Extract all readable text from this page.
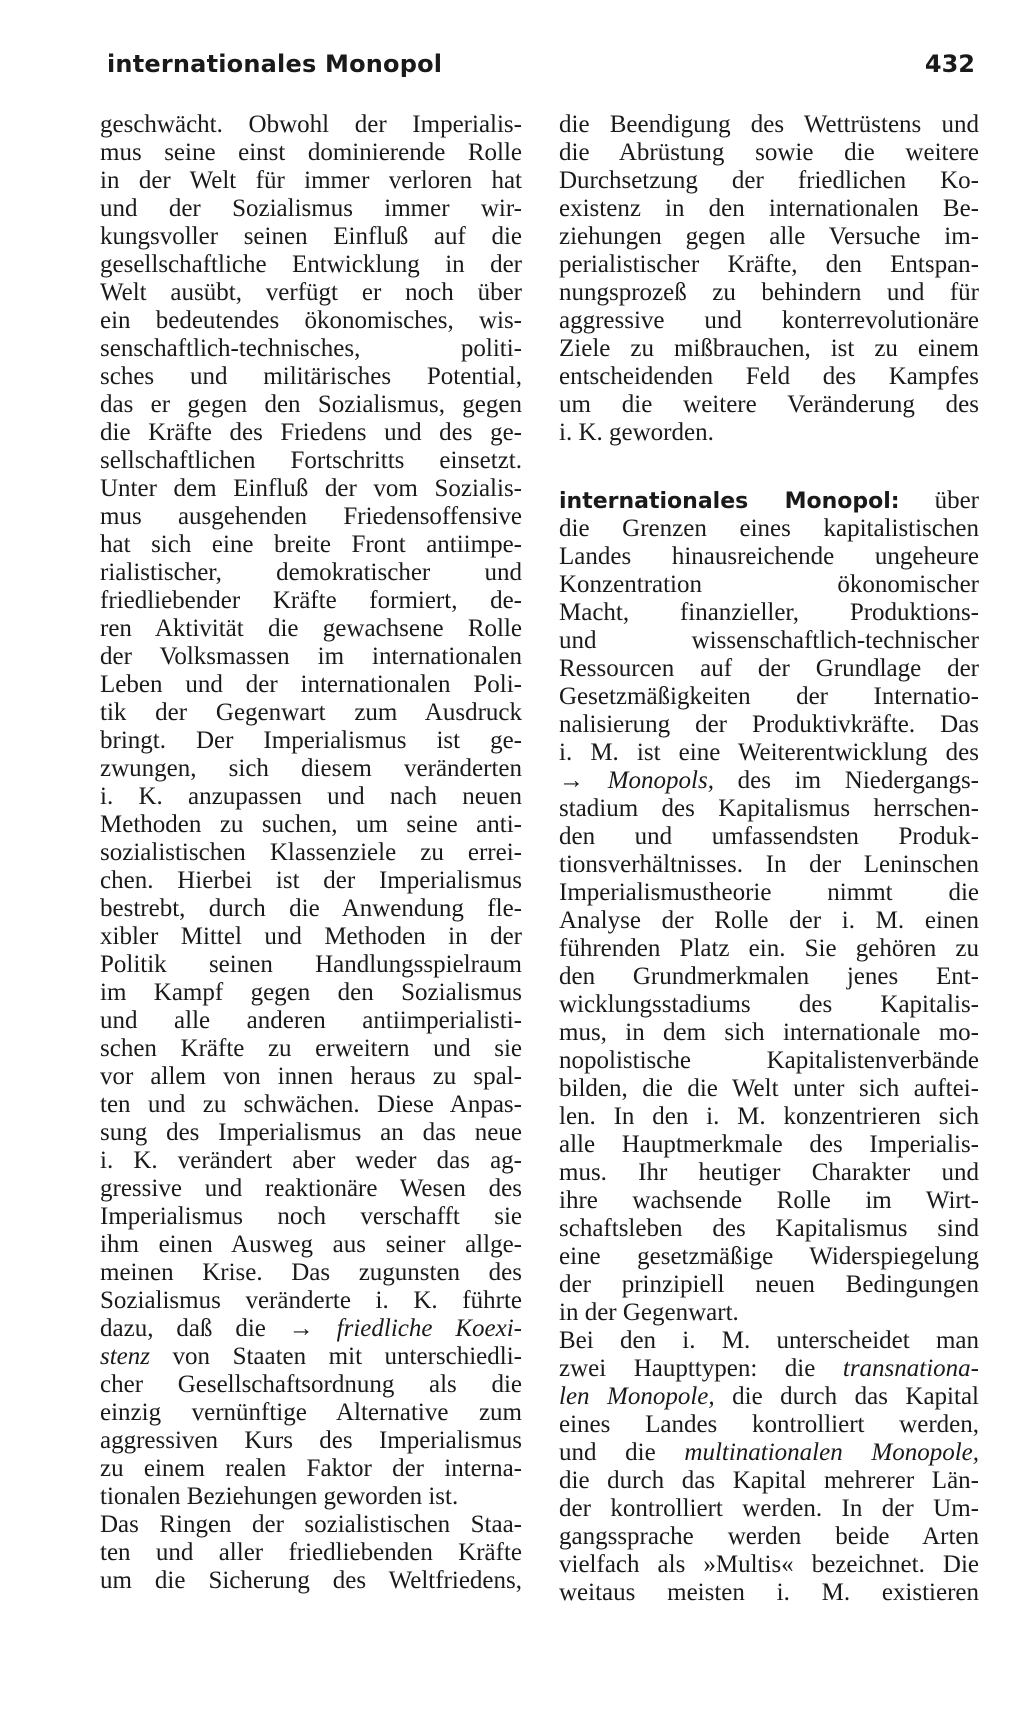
internationales Monopol	432
geschwächt. Obwohl der Imperialis-
mus seine einst dominierende Rolle
in der Welt für immer verloren hat
und der Sozialismus immer wir-
kungsvoller seinen Einfluß auf die
gesellschaftliche Entwicklung in der
Welt ausübt, verfügt er noch über
ein bedeutendes ökonomisches, wis-
senschaftlich-technisches, politi-
sches und militärisches Potential,
das er gegen den Sozialismus, gegen
die Kräfte des Friedens und des ge-
sellschaftlichen Fortschritts einsetzt.
Unter dem Einfluß der vom Sozialis-
mus ausgehenden Friedensoffensive
hat sich eine breite Front antiimpe-
rialistischer, demokratischer und
friedliebender Kräfte formiert, de-
ren Aktivität die gewachsene Rolle
der Volksmassen im internationalen
Leben und der internationalen Poli-
tik der Gegenwart zum Ausdruck
bringt. Der Imperialismus ist ge-
zwungen, sich diesem veränderten
i. K. anzupassen und nach neuen
Methoden zu suchen, um seine anti-
sozialistischen Klassenziele zu errei-
chen. Hierbei ist der Imperialismus
bestrebt, durch die Anwendung fle-
xibler Mittel und Methoden in der
Politik seinen Handlungsspielraum
im Kampf gegen den Sozialismus
und alle anderen antiimperialisti-
schen Kräfte zu erweitern und sie
vor allem von innen heraus zu spal-
ten und zu schwächen. Diese Anpas-
sung des Imperialismus an das neue
i. K. verändert aber weder das ag-
gressive und reaktionäre Wesen des
Imperialismus noch verschafft sie
ihm einen Ausweg aus seiner allge-
meinen Krise. Das zugunsten des
Sozialismus veränderte i. K. führte
dazu, daß die → friedliche Koexi-
stenz von Staaten mit unterschiedli-
cher Gesellschaftsordnung als die
einzig vernünftige Alternative zum
aggressiven Kurs des Imperialismus
zu einem realen Faktor der interna-
tionalen Beziehungen geworden ist.
Das Ringen der sozialistischen Staa-
ten und aller friedliebenden Kräfte
um die Sicherung des Weltfriedens,
die Beendigung des Wettrüstens und
die Abrüstung sowie die weitere
Durchsetzung der friedlichen Ko-
existenz in den internationalen Be-
ziehungen gegen alle Versuche im-
perialistischer Kräfte, den Entspan-
nungsprozeß zu behindern und für
aggressive und konterrevolutionäre
Ziele zu mißbrauchen, ist zu einem
entscheidenden Feld des Kampfes
um die weitere Veränderung des
i. K. geworden.
internationales Monopol: über
die Grenzen eines kapitalistischen
Landes hinausreichende ungeheure
Konzentration ökonomischer
Macht, finanzieller, Produktions-
und wissenschaftlich-technischer
Ressourcen auf der Grundlage der
Gesetzmäßigkeiten der Internatio-
nalisierung der Produktivkräfte. Das
i. M. ist eine Weiterentwicklung des
→ Monopols, des im Niedergangs-
stadium des Kapitalismus herrschen-
den und umfassendsten Produk-
tionsverhältnisses. In der Leninschen
Imperialismustheorie nimmt die
Analyse der Rolle der i. M. einen
führenden Platz ein. Sie gehören zu
den Grundmerkmalen jenes Ent-
wicklungsstadiums des Kapitalis-
mus, in dem sich internationale mo-
nopolistische Kapitalistenverbände
bilden, die die Welt unter sich auftei-
len. In den i. M. konzentrieren sich
alle Hauptmerkmale des Imperialis-
mus. Ihr heutiger Charakter und
ihre wachsende Rolle im Wirt-
schaftsleben des Kapitalismus sind
eine gesetzmäßige Widerspiegelung
der prinzipiell neuen Bedingungen
in der Gegenwart.
Bei den i. M. unterscheidet man
zwei Haupttypen: die transnationa-
len Monopole, die durch das Kapital
eines Landes kontrolliert werden,
und die multinationalen Monopole,
die durch das Kapital mehrerer Län-
der kontrolliert werden. In der Um-
gangssprache werden beide Arten
vielfach als »Multis« bezeichnet. Die
weitaus meisten i. M. existieren
